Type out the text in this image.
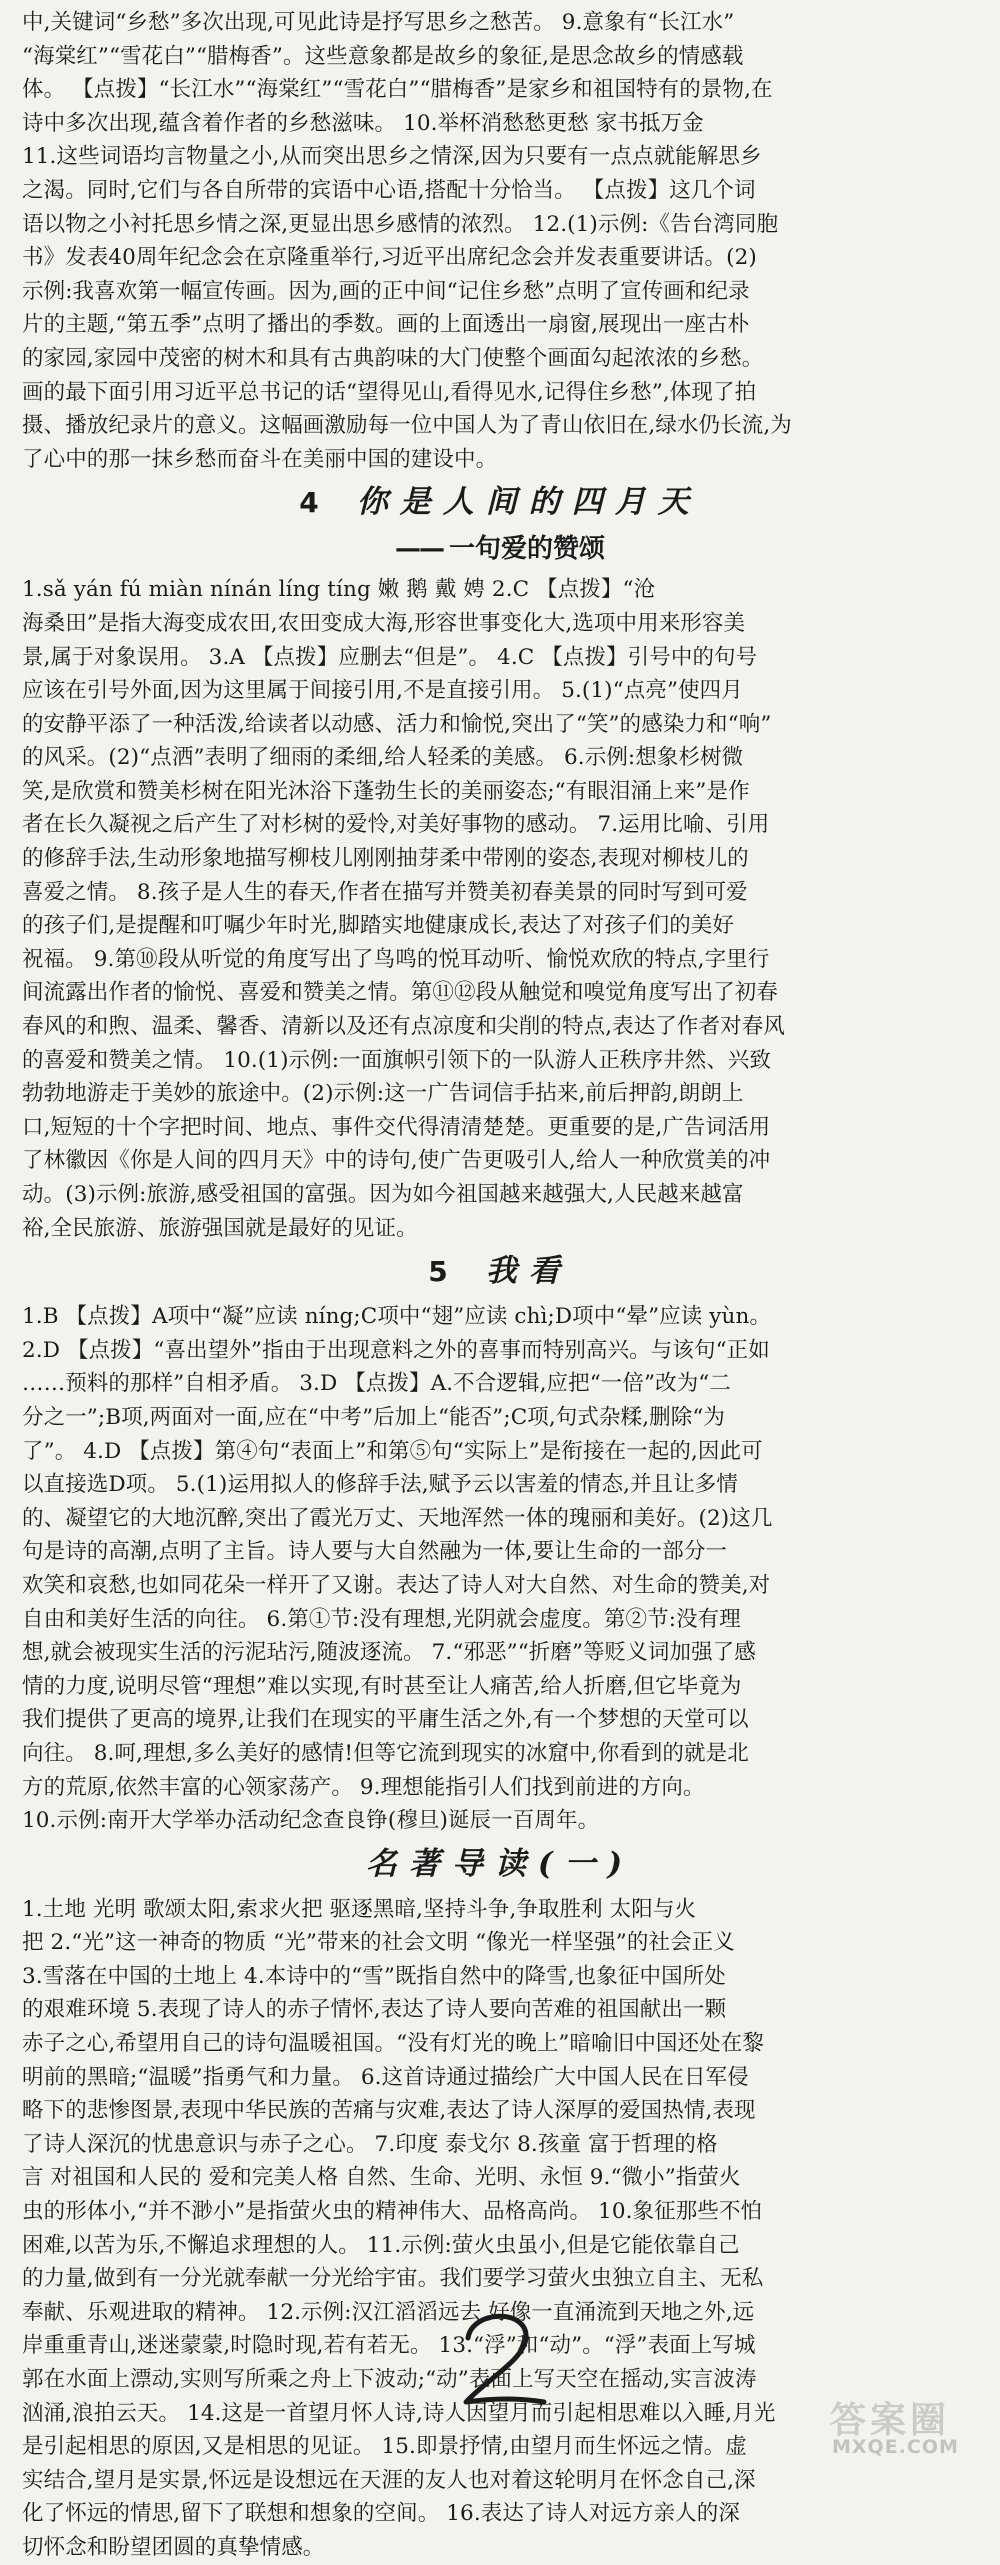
中,关键词“乡愁”多次出现,可见此诗是抒写思乡之愁苦。 9.意象有“长江水”

“海棠红”“雪花白”“腊梅香”。这些意象都是故乡的象征,是思念故乡的情感载

体。 【点拨】“长江水”“海棠红”“雪花白”“腊梅香”是家乡和祖国特有的景物,在

诗中多次出现,蕴含着作者的乡愁滋味。 10.举杯消愁愁更愁 家书抵万金

11.这些词语均言物量之小,从而突出思乡之情深,因为只要有一点点就能解思乡

之渴。同时,它们与各自所带的宾语中心语,搭配十分恰当。 【点拨】这几个词

语以物之小衬托思乡情之深,更显出思乡感情的浓烈。 12.(1)示例:《告台湾同胞

书》发表40周年纪念会在京隆重举行,习近平出席纪念会并发表重要讲话。(2)

示例:我喜欢第一幅宣传画。因为,画的正中间“记住乡愁”点明了宣传画和纪录

片的主题,“第五季”点明了播出的季数。画的上面透出一扇窗,展现出一座古朴

的家园,家园中茂密的树木和具有古典韵味的大门使整个画面勾起浓浓的乡愁。

画的最下面引用习近平总书记的话“望得见山,看得见水,记得住乡愁”,体现了拍

摄、播放纪录片的意义。这幅画激励每一位中国人为了青山依旧在,绿水仍长流,为

了心中的那一抹乡愁而奋斗在美丽中国的建设中。

4 你是人间的四月天
—— 一句爱的赞颂

1.sǎ yán fú miàn nínán líng tíng 嫩 鹅 戴 娉 2.C 【点拨】“沧

海桑田”是指大海变成农田,农田变成大海,形容世事变化大,选项中用来形容美

景,属于对象误用。 3.A 【点拨】应删去“但是”。 4.C 【点拨】引号中的句号

应该在引号外面,因为这里属于间接引用,不是直接引用。 5.(1)“点亮”使四月

的安静平添了一种活泼,给读者以动感、活力和愉悦,突出了“笑”的感染力和“响”

的风采。(2)“点洒”表明了细雨的柔细,给人轻柔的美感。 6.示例:想象杉树微

笑,是欣赏和赞美杉树在阳光沐浴下蓬勃生长的美丽姿态;“有眼泪涌上来”是作

者在长久凝视之后产生了对杉树的爱怜,对美好事物的感动。 7.运用比喻、引用

的修辞手法,生动形象地描写柳枝儿刚刚抽芽柔中带刚的姿态,表现对柳枝儿的

喜爱之情。 8.孩子是人生的春天,作者在描写并赞美初春美景的同时写到可爱

的孩子们,是提醒和叮嘱少年时光,脚踏实地健康成长,表达了对孩子们的美好

祝福。 9.第⑩段从听觉的角度写出了鸟鸣的悦耳动听、愉悦欢欣的特点,字里行

间流露出作者的愉悦、喜爱和赞美之情。第⑪⑫段从触觉和嗅觉角度写出了初春

春风的和煦、温柔、馨香、清新以及还有点凉度和尖削的特点,表达了作者对春风

的喜爱和赞美之情。 10.(1)示例:一面旗帜引领下的一队游人正秩序井然、兴致

勃勃地游走于美妙的旅途中。(2)示例:这一广告词信手拈来,前后押韵,朗朗上

口,短短的十个字把时间、地点、事件交代得清清楚楚。更重要的是,广告词活用

了林徽因《你是人间的四月天》中的诗句,使广告更吸引人,给人一种欣赏美的冲

动。(3)示例:旅游,感受祖国的富强。因为如今祖国越来越强大,人民越来越富

裕,全民旅游、旅游强国就是最好的见证。

5 我看

1.B 【点拨】A项中“凝”应读 níng;C项中“翅”应读 chì;D项中“晕”应读 yùn。

2.D 【点拨】“喜出望外”指由于出现意料之外的喜事而特别高兴。与该句“正如

……预料的那样”自相矛盾。 3.D 【点拨】A.不合逻辑,应把“一倍”改为“二

分之一”;B项,两面对一面,应在“中考”后加上“能否”;C项,句式杂糅,删除“为

了”。 4.D 【点拨】第④句“表面上”和第⑤句“实际上”是衔接在一起的,因此可

以直接选D项。 5.(1)运用拟人的修辞手法,赋予云以害羞的情态,并且让多情

的、凝望它的大地沉醉,突出了霞光万丈、天地浑然一体的瑰丽和美好。(2)这几

句是诗的高潮,点明了主旨。诗人要与大自然融为一体,要让生命的一部分一

欢笑和哀愁,也如同花朵一样开了又谢。表达了诗人对大自然、对生命的赞美,对

自由和美好生活的向往。 6.第①节:没有理想,光阴就会虚度。第②节:没有理

想,就会被现实生活的污泥玷污,随波逐流。 7.“邪恶”“折磨”等贬义词加强了感

情的力度,说明尽管“理想”难以实现,有时甚至让人痛苦,给人折磨,但它毕竟为

我们提供了更高的境界,让我们在现实的平庸生活之外,有一个梦想的天堂可以

向往。 8.呵,理想,多么美好的感情!但等它流到现实的冰窟中,你看到的就是北

方的荒原,依然丰富的心领家荡产。 9.理想能指引人们找到前进的方向。

10.示例:南开大学举办活动纪念查良铮(穆旦)诞辰一百周年。

名著导读(一)

1.土地 光明 歌颂太阳,索求火把 驱逐黑暗,坚持斗争,争取胜利 太阳与火

把 2.“光”这一神奇的物质 “光”带来的社会文明 “像光一样坚强”的社会正义

3.雪落在中国的土地上 4.本诗中的“雪”既指自然中的降雪,也象征中国所处

的艰难环境 5.表现了诗人的赤子情怀,表达了诗人要向苦难的祖国献出一颗

赤子之心,希望用自己的诗句温暖祖国。“没有灯光的晚上”暗喻旧中国还处在黎

明前的黑暗;“温暖”指勇气和力量。 6.这首诗通过描绘广大中国人民在日军侵

略下的悲惨图景,表现中华民族的苦痛与灾难,表达了诗人深厚的爱国热情,表现

了诗人深沉的忧患意识与赤子之心。 7.印度 泰戈尔 8.孩童 富于哲理的格

言 对祖国和人民的 爱和完美人格 自然、生命、光明、永恒 9.“微小”指萤火

虫的形体小,“并不渺小”是指萤火虫的精神伟大、品格高尚。 10.象征那些不怕

困难,以苦为乐,不懈追求理想的人。 11.示例:萤火虫虽小,但是它能依靠自己

的力量,做到有一分光就奉献一分光给宇宙。我们要学习萤火虫独立自主、无私

奉献、乐观进取的精神。 12.示例:汉江滔滔远去,好像一直涌流到天地之外,远

岸重重青山,迷迷蒙蒙,时隐时现,若有若无。 13.“浮”和“动”。“浮”表面上写城

郭在水面上漂动,实则写所乘之舟上下波动;“动”表面上写天空在摇动,实言波涛

汹涌,浪拍云天。 14.这是一首望月怀人诗,诗人因望月而引起相思难以入睡,月光

是引起相思的原因,又是相思的见证。 15.即景抒情,由望月而生怀远之情。虚

实结合,望月是实景,怀远是设想远在天涯的友人也对着这轮明月在怀念自己,深

化了怀远的情思,留下了联想和想象的空间。 16.表达了诗人对远方亲人的深

切怀念和盼望团圆的真挚情感。

答案圈
MXQE.COM
